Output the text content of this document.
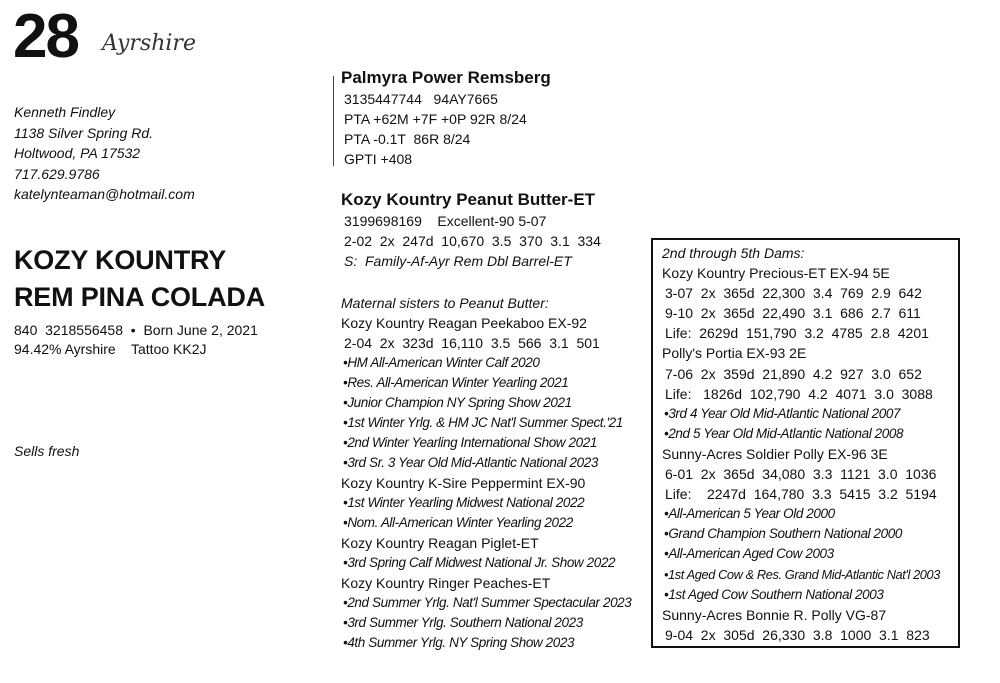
28 Ayrshire
Kenneth Findley
1138 Silver Spring Rd.
Holtwood, PA 17532
717.629.9786
katelynteaman@hotmail.com
KOZY KOUNTRY
REM PINA COLADA
840  3218556458  •  Born June 2, 2021
94.42% Ayrshire    Tattoo KK2J
Sells fresh
Palmyra Power Remsberg
3135447744   94AY7665
PTA +62M +7F +0P 92R 8/24
PTA -0.1T  86R 8/24
GPTI +408
Kozy Kountry Peanut Butter-ET
3199698169    Excellent-90 5-07
2-02  2x  247d  10,670  3.5  370  3.1  334
S:  Family-Af-Ayr Rem Dbl Barrel-ET
Maternal sisters to Peanut Butter:
Kozy Kountry Reagan Peekaboo EX-92
2-04  2x  323d  16,110  3.5  566  3.1  501
•HM All-American Winter Calf 2020
•Res. All-American Winter Yearling 2021
•Junior Champion NY Spring Show 2021
•1st Winter Yrlg. & HM JC Nat'l Summer Spect.'21
•2nd Winter Yearling International Show 2021
•3rd Sr. 3 Year Old Mid-Atlantic National 2023
Kozy Kountry K-Sire Peppermint EX-90
•1st Winter Yearling Midwest National 2022
•Nom. All-American Winter Yearling 2022
Kozy Kountry Reagan Piglet-ET
•3rd Spring Calf Midwest National Jr. Show 2022
Kozy Kountry Ringer Peaches-ET
•2nd Summer Yrlg. Nat'l Summer Spectacular 2023
•3rd Summer Yrlg. Southern National 2023
•4th Summer Yrlg. NY Spring Show 2023
2nd through 5th Dams:
Kozy Kountry Precious-ET EX-94 5E
3-07  2x  365d  22,300  3.4  769  2.9  642
9-10  2x  365d  22,490  3.1  686  2.7  611
Life:  2629d  151,790  3.2  4785  2.8  4201
Polly's Portia EX-93 2E
7-06  2x  359d  21,890  4.2  927  3.0  652
Life:   1826d  102,790  4.2  4071  3.0  3088
•3rd 4 Year Old Mid-Atlantic National 2007
•2nd 5 Year Old Mid-Atlantic National 2008
Sunny-Acres Soldier Polly EX-96 3E
6-01  2x  365d  34,080  3.3  1121  3.0  1036
Life:    2247d  164,780  3.3  5415  3.2  5194
•All-American 5 Year Old 2000
•Grand Champion Southern National 2000
•All-American Aged Cow 2003
•1st Aged Cow & Res. Grand Mid-Atlantic Nat'l 2003
•1st Aged Cow Southern National 2003
Sunny-Acres Bonnie R. Polly VG-87
9-04  2x  305d  26,330  3.8  1000  3.1  823
